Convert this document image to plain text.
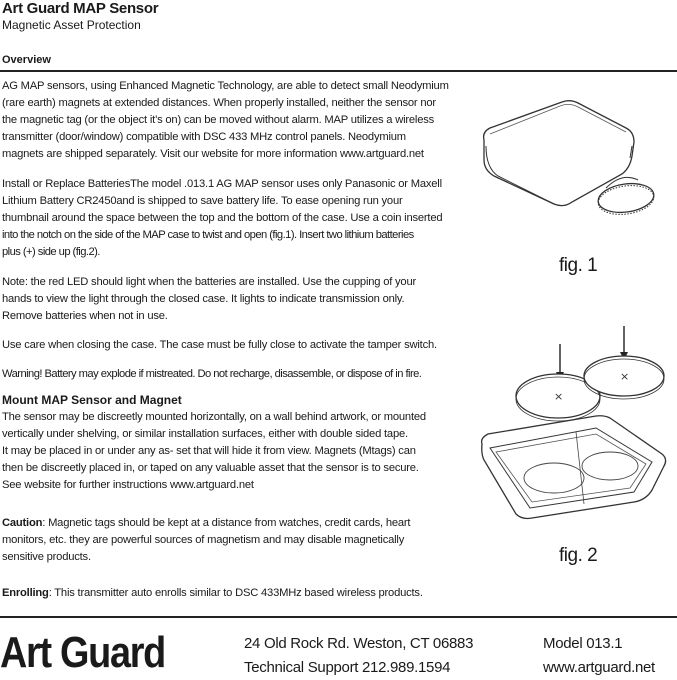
Art Guard MAP Sensor
Magnetic Asset Protection
Overview
AG MAP sensors, using Enhanced Magnetic Technology, are able to detect small Neodymium
(rare earth) magnets at extended distances. When properly installed, neither the sensor nor
the magnetic tag (or the object it’s on) can be moved without alarm. MAP utilizes a wireless
transmitter (door/window) compatible with DSC 433 MHz control panels. Neodymium
magnets are shipped separately. Visit our website for more information www.artguard.net
Install or Replace BatteriesThe model .013.1 AG MAP sensor uses only Panasonic or Maxell
Lithium Battery CR2450and is shipped to save battery life. To ease opening run your
thumbnail around the space between the top and the bottom of the case. Use a coin inserted
into the notch on the side of the MAP case to twist and open (fig.1). Insert two lithium batteries
plus (+) side up (fig.2).
Note: the red LED should light when the batteries are installed. Use the cupping of your
hands to view the light through the closed case. It lights to indicate transmission only.
Remove batteries when not in use.
Use care when closing the case. The case must be fully close to activate the tamper switch.
Warning! Battery may explode if mistreated. Do not recharge, disassemble, or dispose of in fire.
Mount MAP Sensor and Magnet
The sensor may be discreetly mounted horizontally, on a wall behind artwork, or mounted
vertically under shelving, or similar installation surfaces, either with double sided tape.
It may be placed in or under any as- set that will hide it from view. Magnets (Mtags) can
then be discreetly placed in, or taped on any valuable asset that the sensor is to secure.
See website for further instructions www.artguard.net
Caution: Magnetic tags should be kept at a distance from watches, credit cards, heart
monitors, etc. they are powerful sources of magnetism and may disable magnetically
sensitive products.
Enrolling: This transmitter auto enrolls similar to DSC 433MHz based wireless products.
fig. 1
×
×
fig. 2
Art Guard	24 Old Rock Rd. Weston, CT 06883
Technical Support 212.989.1594
Model 013.1
www.artguard.net
